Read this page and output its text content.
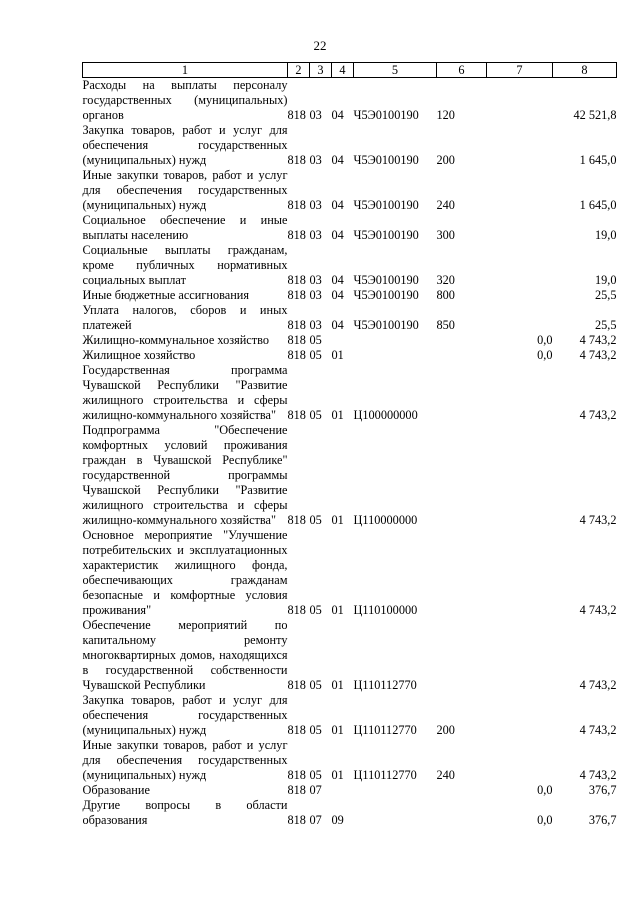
22
1	2	3	4	5	6	7	8
Расходы на выплаты персоналу государственных (муниципальных) органов	818	03	04	Ч5Э0100190	120		42 521,8
Закупка товаров, работ и услуг для обеспечения государственных (муниципальных) нужд	818	03	04	Ч5Э0100190	200		1 645,0
Иные закупки товаров, работ и услуг для обеспечения государственных (муниципальных) нужд	818	03	04	Ч5Э0100190	240		1 645,0
Социальное обеспечение и иные выплаты населению	818	03	04	Ч5Э0100190	300		19,0
Социальные выплаты гражданам, кроме публичных нормативных социальных выплат	818	03	04	Ч5Э0100190	320		19,0
Иные бюджетные ассигнования	818	03	04	Ч5Э0100190	800		25,5
Уплата налогов, сборов и иных платежей	818	03	04	Ч5Э0100190	850		25,5
Жилищно-коммунальное хозяйство	818	05				0,0	4 743,2
Жилищное хозяйство	818	05	01			0,0	4 743,2
Государственная программа Чувашской Республики "Развитие жилищного строительства и сферы жилищно-коммунального хозяйства"	818	05	01	Ц100000000			4 743,2
Подпрограмма "Обеспечение комфортных условий проживания граждан в Чувашской Республике" государственной программы Чувашской Республики "Развитие жилищного строительства и сферы жилищно-коммунального хозяйства"	818	05	01	Ц110000000			4 743,2
Основное мероприятие "Улучшение потребительских и эксплуатационных характеристик жилищного фонда, обеспечивающих гражданам безопасные и комфортные условия проживания"	818	05	01	Ц110100000			4 743,2
Обеспечение мероприятий по капитальному ремонту многоквартирных домов, находящихся в государственной собственности Чувашской Республики	818	05	01	Ц110112770			4 743,2
Закупка товаров, работ и услуг для обеспечения государственных (муниципальных) нужд	818	05	01	Ц110112770	200		4 743,2
Иные закупки товаров, работ и услуг для обеспечения государственных (муниципальных) нужд	818	05	01	Ц110112770	240		4 743,2
Образование	818	07				0,0	376,7
Другие вопросы в области образования	818	07	09			0,0	376,7
